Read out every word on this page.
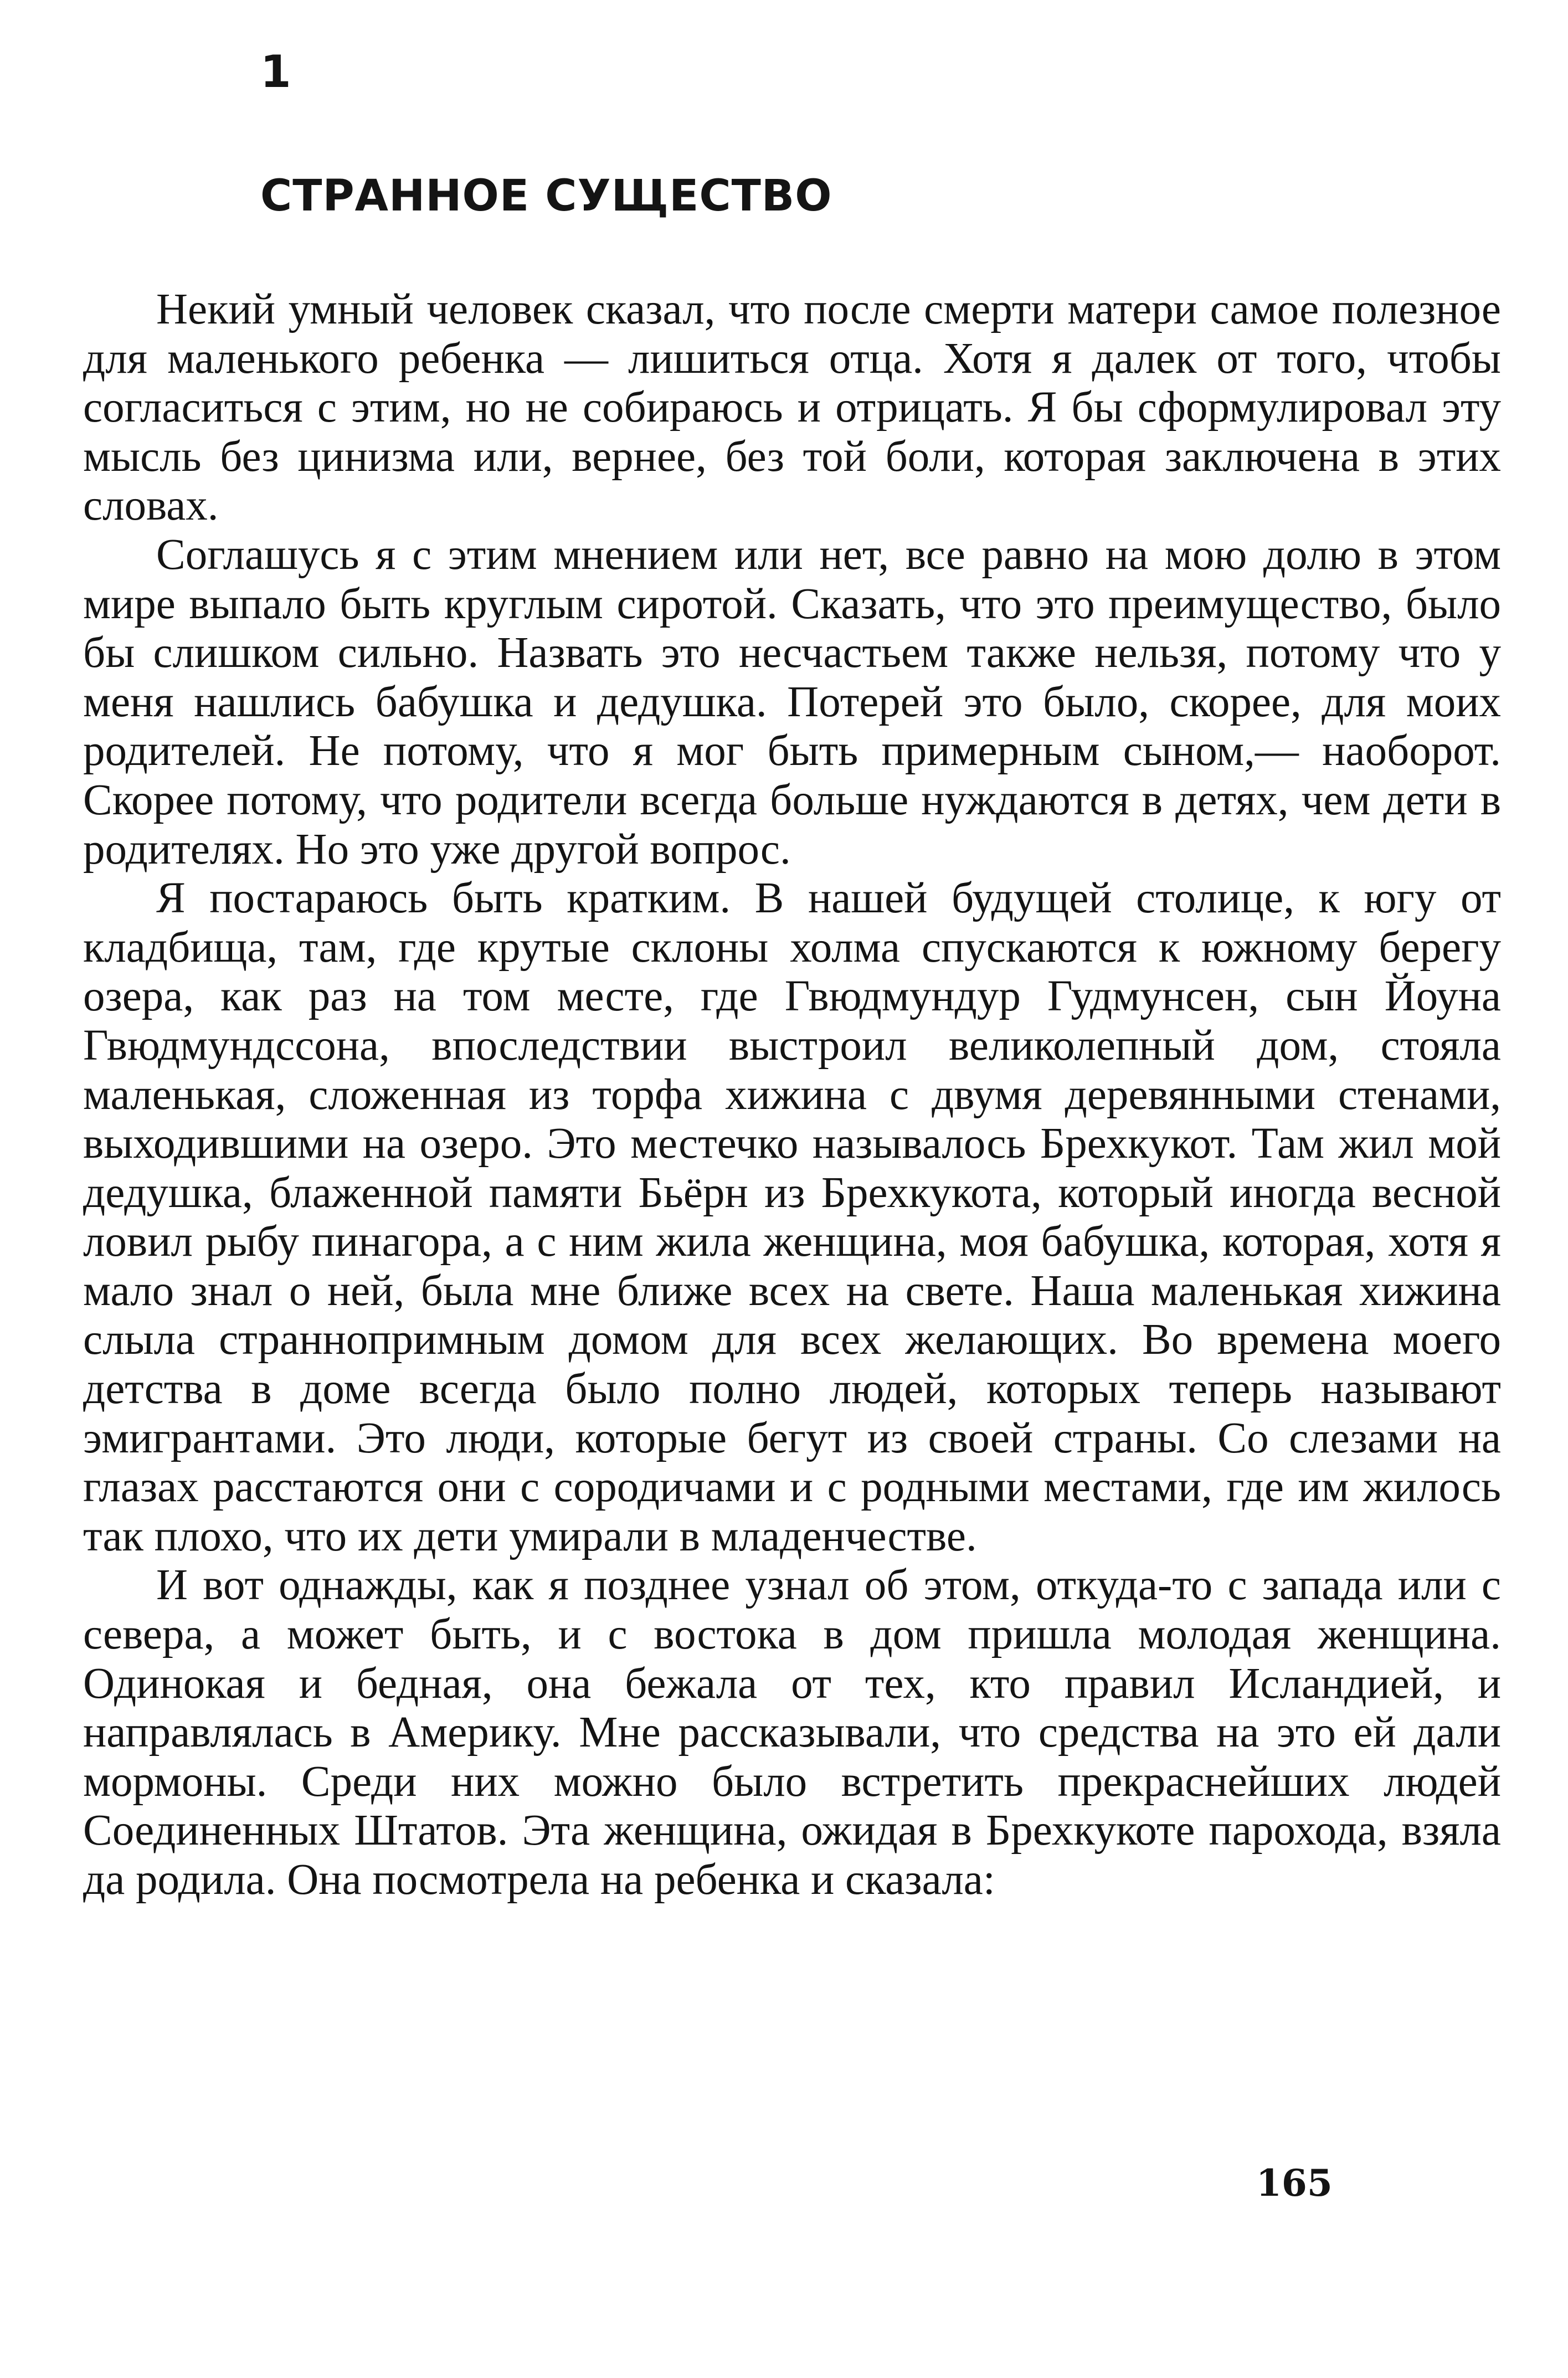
1
СТРАННОЕ СУЩЕСТВО

Некий умный человек сказал, что после смерти матери самое полезное для маленького ребенка — лишиться отца. Хотя я далек от того, чтобы согласиться с этим, но не собираюсь и отрицать. Я бы сформулировал эту мысль без цинизма или, вернее, без той боли, которая заключена в этих словах.

Соглашусь я с этим мнением или нет, все равно на мою долю в этом мире выпало быть круглым сиротой. Сказать, что это преимущество, было бы слишком сильно. Назвать это несчастьем также нельзя, потому что у меня нашлись бабушка и дедушка. Потерей это было, скорее, для моих родителей. Не потому, что я мог быть примерным сыном,— наоборот. Скорее потому, что родители всегда больше нуждаются в детях, чем дети в родителях. Но это уже другой вопрос.

Я постараюсь быть кратким. В нашей будущей столице, к югу от кладбища, там, где крутые склоны холма спускаются к южному берегу озера, как раз на том месте, где Гвюдмундур Гудмунсен, сын Йоуна Гвюдмундссона, впоследствии выстроил великолепный дом, стояла маленькая, сложенная из торфа хижина с двумя деревянными стенами, выходившими на озеро. Это местечко называлось Брехкукот. Там жил мой дедушка, блаженной памяти Бьёрн из Брехкукота, который иногда весной ловил рыбу пинагора, а с ним жила женщина, моя бабушка, которая, хотя я мало знал о ней, была мне ближе всех на свете. Наша маленькая хижина слыла страннопримным домом для всех желающих. Во времена моего детства в доме всегда было полно людей, которых теперь называют эмигрантами. Это люди, которые бегут из своей страны. Со слезами на глазах расстаются они с сородичами и с родными местами, где им жилось так плохо, что их дети умирали в младенчестве.

И вот однажды, как я позднее узнал об этом, откуда-то с запада или с севера, а может быть, и с востока в дом пришла молодая женщина. Одинокая и бедная, она бежала от тех, кто правил Исландией, и направлялась в Америку. Мне рассказывали, что средства на это ей дали мормоны. Среди них можно было встретить прекраснейших людей Соединенных Штатов. Эта женщина, ожидая в Брехкукоте парохода, взяла да родила. Она посмотрела на ребенка и сказала:

165
